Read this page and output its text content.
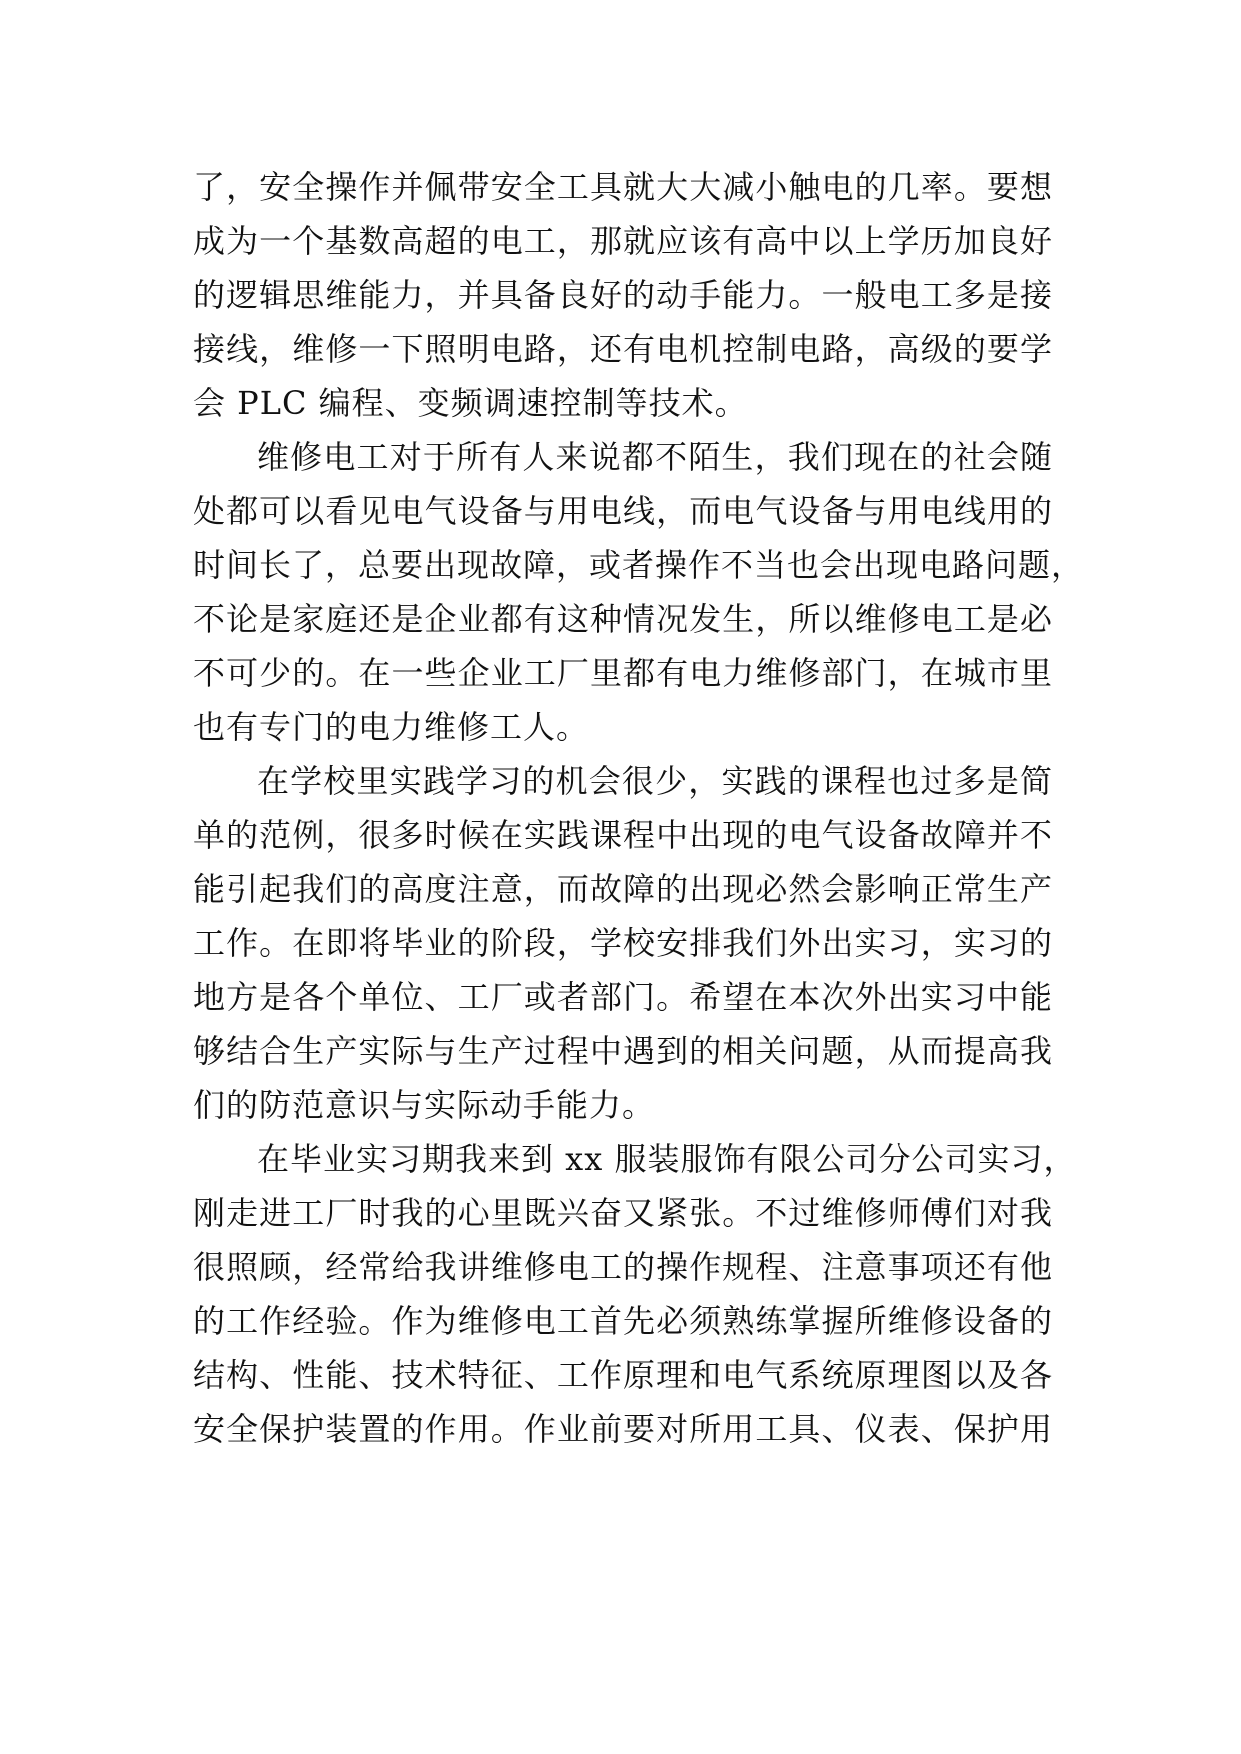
了，安全操作并佩带安全工具就大大减小触电的几率。要想
成为一个基数高超的电工，那就应该有高中以上学历加良好
的逻辑思维能力，并具备良好的动手能力。一般电工多是接
接线，维修一下照明电路，还有电机控制电路，高级的要学
会 PLC 编程、变频调速控制等技术。
维修电工对于所有人来说都不陌生，我们现在的社会随
处都可以看见电气设备与用电线，而电气设备与用电线用的
时间长了，总要出现故障，或者操作不当也会出现电路问题，
不论是家庭还是企业都有这种情况发生，所以维修电工是必
不可少的。在一些企业工厂里都有电力维修部门，在城市里
也有专门的电力维修工人。
在学校里实践学习的机会很少，实践的课程也过多是简
单的范例，很多时候在实践课程中出现的电气设备故障并不
能引起我们的高度注意，而故障的出现必然会影响正常生产
工作。在即将毕业的阶段，学校安排我们外出实习，实习的
地方是各个单位、工厂或者部门。希望在本次外出实习中能
够结合生产实际与生产过程中遇到的相关问题，从而提高我
们的防范意识与实际动手能力。
在毕业实习期我来到 xx 服装服饰有限公司分公司实习，
刚走进工厂时我的心里既兴奋又紧张。不过维修师傅们对我
很照顾，经常给我讲维修电工的操作规程、注意事项还有他
的工作经验。作为维修电工首先必须熟练掌握所维修设备的
结构、性能、技术特征、工作原理和电气系统原理图以及各
安全保护装置的作用。作业前要对所用工具、仪表、保护用
